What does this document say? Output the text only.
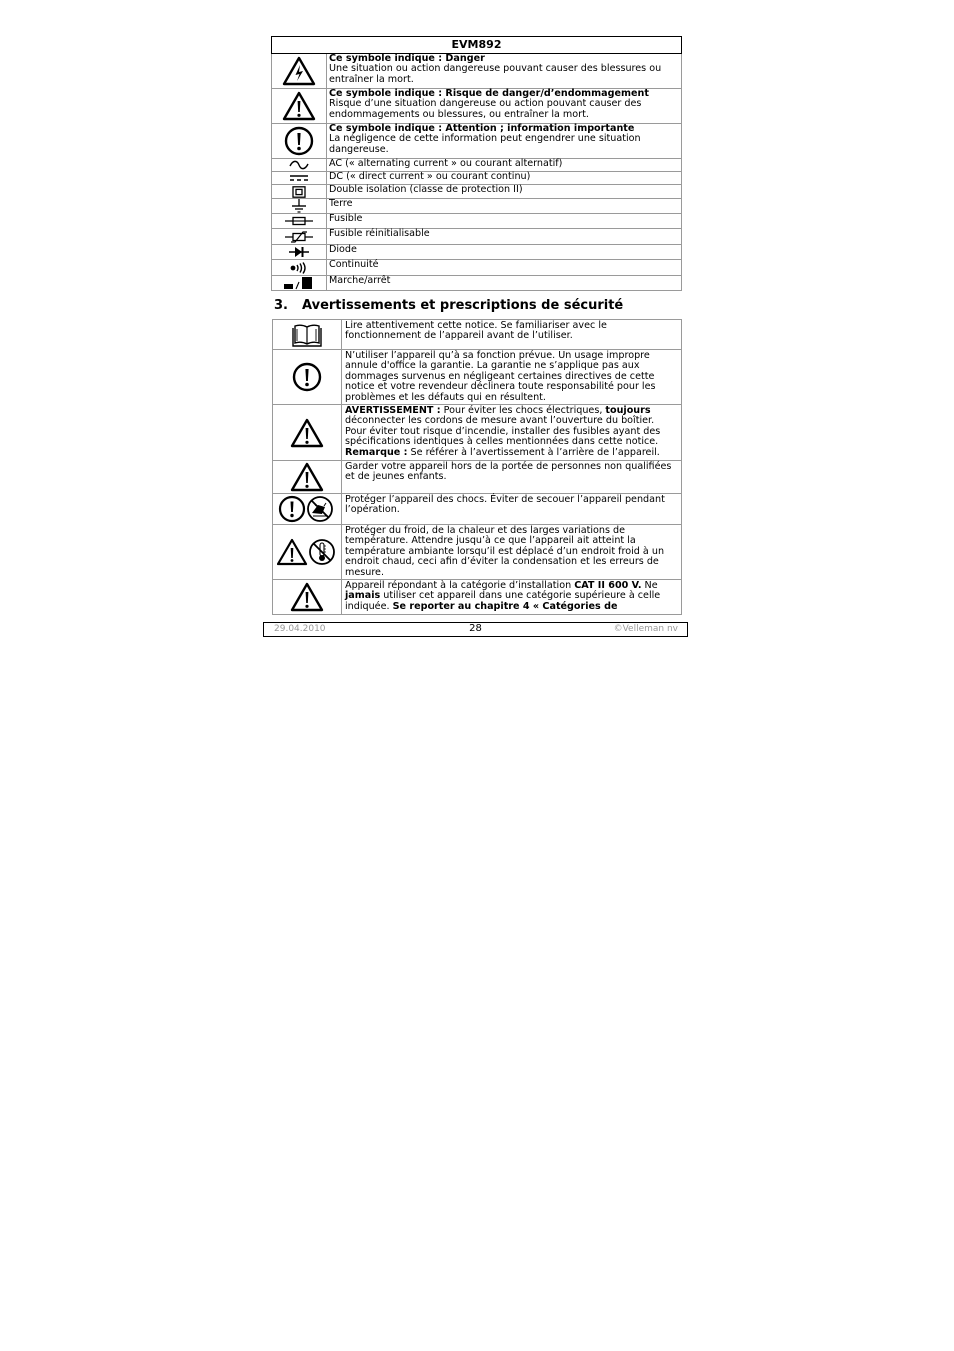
EVM892	

	Ce symbole indique : Danger
Une situation ou action dangereuse pouvant causer des blessures ou entraîner la mort.

	Ce symbole indique : Risque de danger/d’endommagement
Risque d’une situation dangereuse ou action pouvant causer des endommagements ou blessures, ou entraîner la mort.

	Ce symbole indique : Attention ; information importante
La négligence de cette information peut engendrer une situation dangereuse.

	AC (« alternating current » ou courant alternatif)

	DC (« direct current » ou courant continu)

	Double isolation (classe de protection II)

	Terre

	Fusible

	Fusible réinitialisable

	Diode

	Continuité

	Marche/arrêt
3. Avertissements et prescriptions de sécurité
	Lire attentivement cette notice. Se familiariser avec le fonctionnement de l’appareil avant de l’utiliser.

	N’utiliser l’appareil qu’à sa fonction prévue. Un usage impropre annule d'office la garantie. La garantie ne s’applique pas aux dommages survenus en négligeant certaines directives de cette notice et votre revendeur déclinera toute responsabilité pour les problèmes et les défauts qui en résultent.

	AVERTISSEMENT : Pour éviter les chocs électriques, toujours déconnecter les cordons de mesure avant l’ouverture du boîtier. Pour éviter tout risque d’incendie, installer des fusibles ayant des spécifications identiques à celles mentionnées dans cette notice.
Remarque : Se référer à l’avertissement à l’arrière de l’appareil.

	Garder votre appareil hors de la portée de personnes non qualifiées et de jeunes enfants.

	Protéger l’appareil des chocs. Éviter de secouer l’appareil pendant l’opération.

	Protéger du froid, de la chaleur et des larges variations de température. Attendre jusqu’à ce que l’appareil ait atteint la température ambiante lorsqu’il est déplacé d’un endroit froid à un endroit chaud, ceci afin d’éviter la condensation et les erreurs de mesure.

	Appareil répondant à la catégorie d’installation CAT II 600 V. Ne jamais utiliser cet appareil dans une catégorie supérieure à celle indiquée. Se reporter au chapitre 4 « Catégories de
29.04.2010	28	©Velleman nv
